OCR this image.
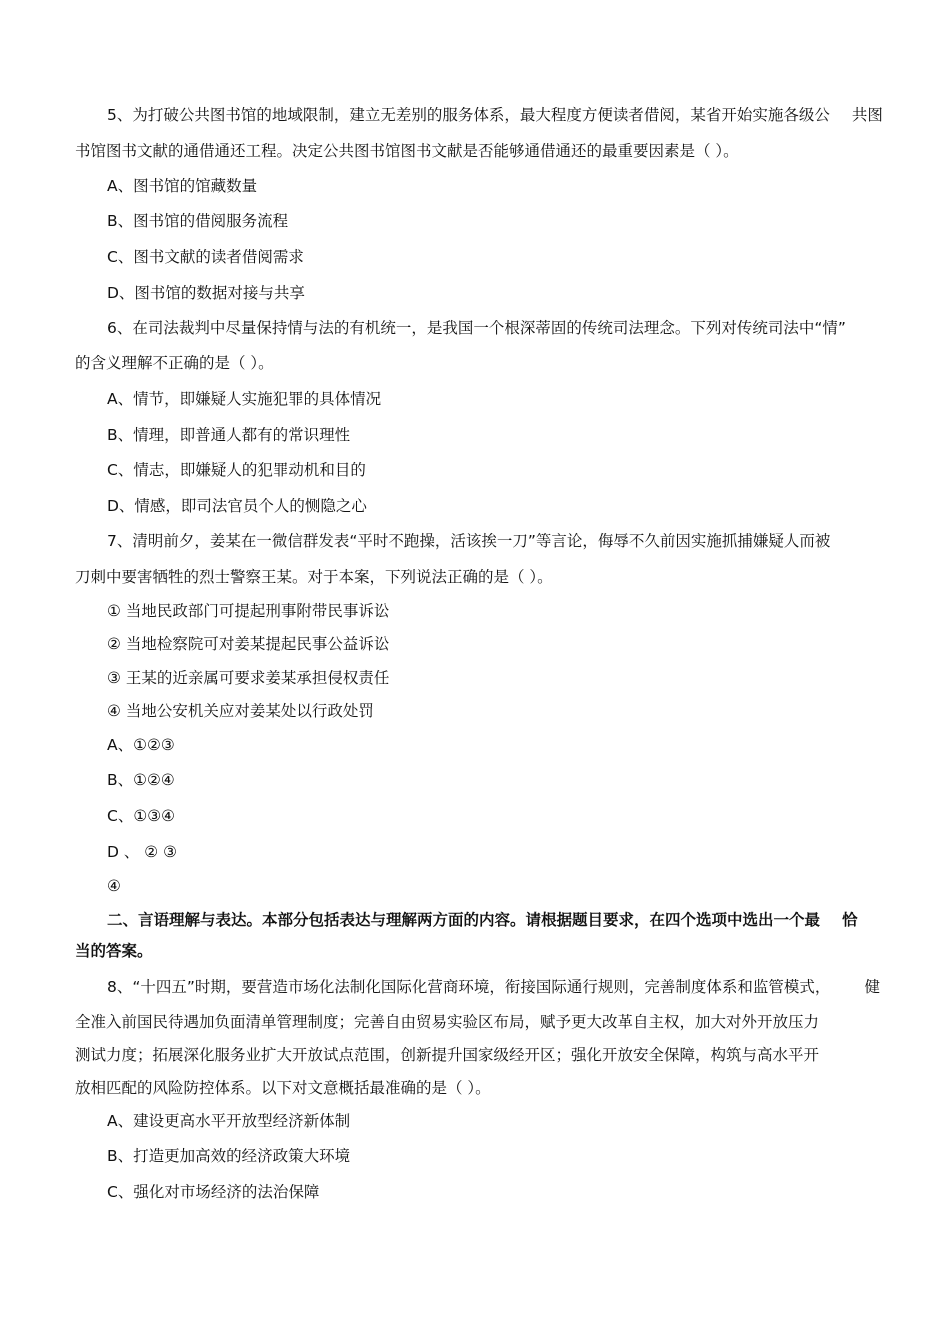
5、为打破公共图书馆的地域限制，建立无差别的服务体系，最大程度方便读者借阅，某省开始实施各级公 共图
书馆图书文献的通借通还工程。决定公共图书馆图书文献是否能够通借通还的最重要因素是（ ）。
A、图书馆的馆藏数量
B、图书馆的借阅服务流程
C、图书文献的读者借阅需求
D、图书馆的数据对接与共享
6、在司法裁判中尽量保持情与法的有机统一，是我国一个根深蒂固的传统司法理念。下列对传统司法中“情”
的含义理解不正确的是（ ）。
A、情节，即嫌疑人实施犯罪的具体情况
B、情理，即普通人都有的常识理性
C、情志，即嫌疑人的犯罪动机和目的
D、情感，即司法官员个人的恻隐之心
7、清明前夕，姜某在一微信群发表“平时不跑操，活该挨一刀”等言论，侮辱不久前因实施抓捕嫌疑人而被
刀刺中要害牺牲的烈士警察王某。对于本案，下列说法正确的是（ ）。
① 当地民政部门可提起刑事附带民事诉讼
② 当地检察院可对姜某提起民事公益诉讼
③ 王某的近亲属可要求姜某承担侵权责任
④ 当地公安机关应对姜某处以行政处罚
A、①②③
B、①②④
C、①③④
D 、 ② ③
④
二、言语理解与表达。本部分包括表达与理解两方面的内容。请根据题目要求，在四个选项中选出一个最 恰
当的答案。
8、“十四五”时期，要营造市场化法制化国际化营商环境，衔接国际通行规则，完善制度体系和监管模式， 健
全准入前国民待遇加负面清单管理制度；完善自由贸易实验区布局，赋予更大改革自主权，加大对外开放压力
测试力度；拓展深化服务业扩大开放试点范围，创新提升国家级经开区；强化开放安全保障，构筑与高水平开
放相匹配的风险防控体系。以下对文意概括最准确的是（ ）。
A、建设更高水平开放型经济新体制
B、打造更加高效的经济政策大环境
C、强化对市场经济的法治保障
